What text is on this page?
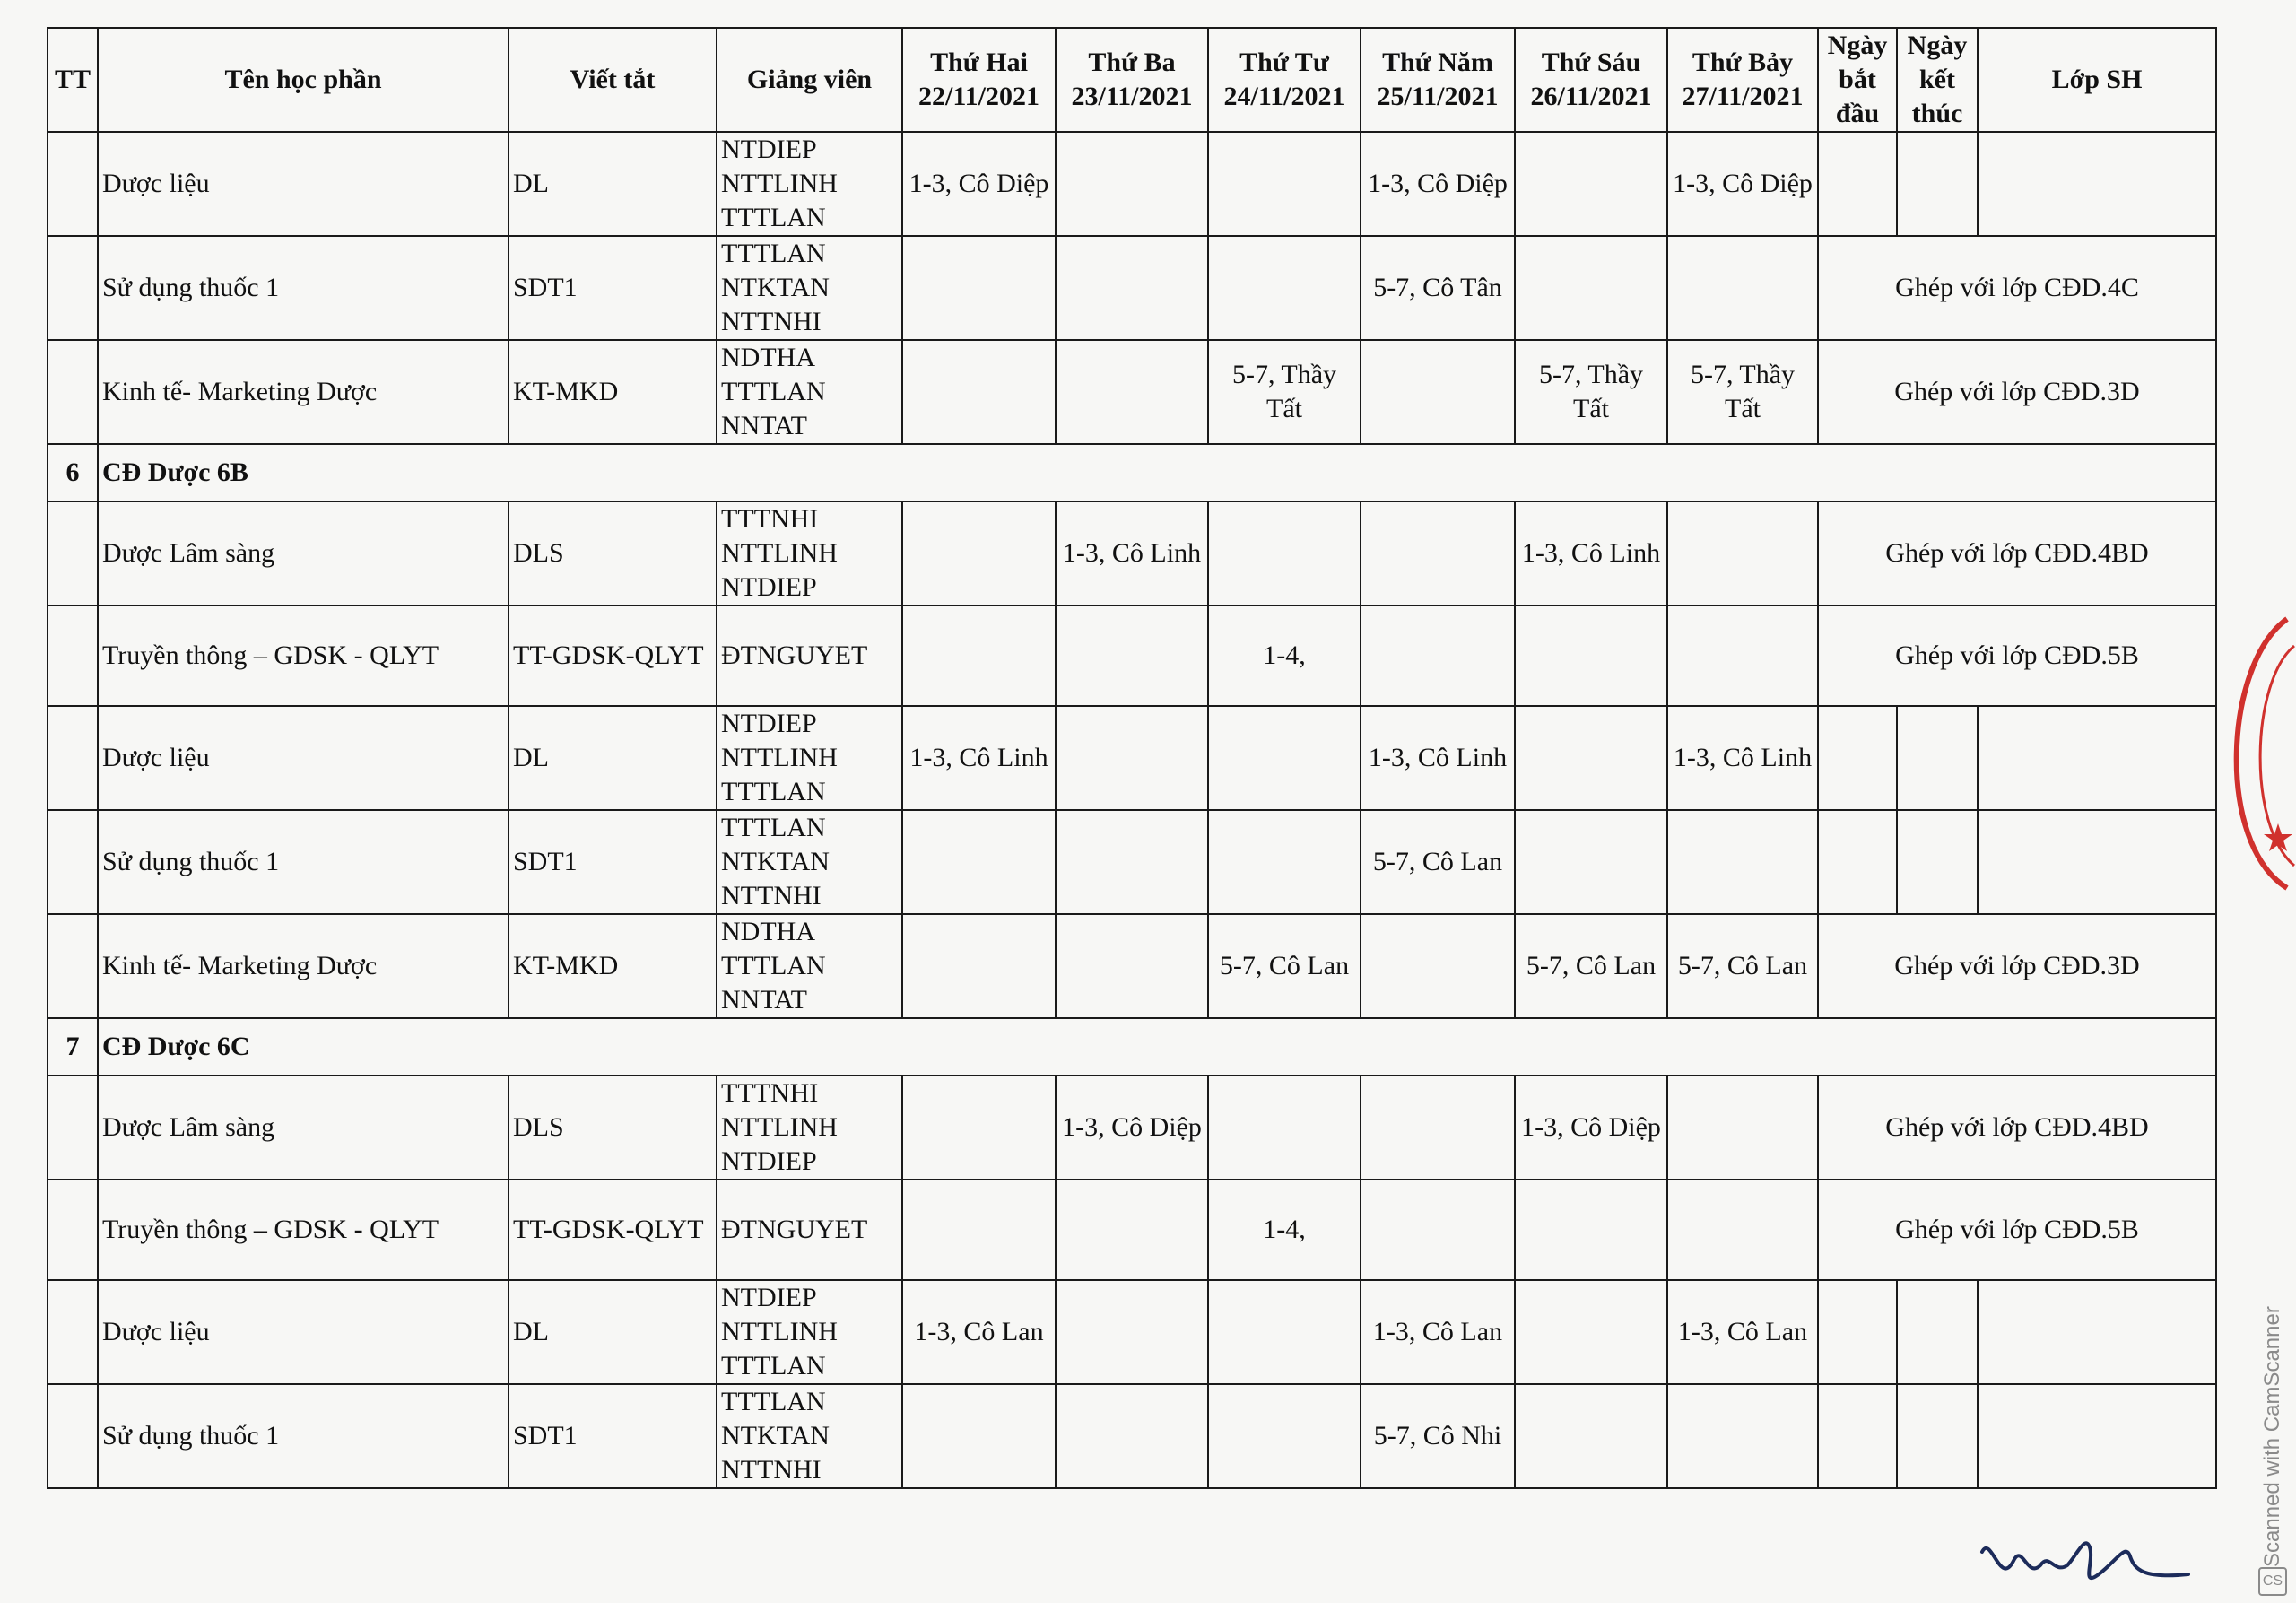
TT	Tên học phần	Viết tắt	Giảng viên	Thứ Hai 22/11/2021	Thứ Ba 23/11/2021	Thứ Tư 24/11/2021	Thứ Năm 25/11/2021	Thứ Sáu 26/11/2021	Thứ Bảy 27/11/2021	Ngày bắt đầu	Ngày kết thúc	Lớp SH
	Dược liệu	DL	NTDIEP NTTLINH TTTLAN	1-3, Cô Diệp			1-3, Cô Diệp		1-3, Cô Diệp			
	Sử dụng thuốc 1	SDT1	TTTLAN NTKTAN NTTNHI				5-7, Cô Tân			Ghép với lớp CĐD.4C		
	Kinh tế- Marketing Dược	KT-MKD	NDTHA TTTLAN NNTAT			5-7, Thầy Tất		5-7, Thầy Tất	5-7, Thầy Tất	Ghép với lớp CĐD.3D		
6	CĐ Dược 6B											
	Dược Lâm sàng	DLS	TTTNHI NTTLINH NTDIEP		1-3, Cô Linh			1-3, Cô Linh		Ghép với lớp CĐD.4BD		
	Truyền thông – GDSK - QLYT	TT-GDSK-QLYT	ĐTNGUYET			1-4,				Ghép với lớp CĐD.5B		
	Dược liệu	DL	NTDIEP NTTLINH TTTLAN	1-3, Cô Linh			1-3, Cô Linh		1-3, Cô Linh			
	Sử dụng thuốc 1	SDT1	TTTLAN NTKTAN NTTNHI				5-7, Cô Lan					
	Kinh tế- Marketing Dược	KT-MKD	NDTHA TTTLAN NNTAT			5-7, Cô Lan		5-7, Cô Lan	5-7, Cô Lan	Ghép với lớp CĐD.3D		
7	CĐ Dược 6C											
	Dược Lâm sàng	DLS	TTTNHI NTTLINH NTDIEP		1-3, Cô Diệp			1-3, Cô Diệp		Ghép với lớp CĐD.4BD		
	Truyền thông – GDSK - QLYT	TT-GDSK-QLYT	ĐTNGUYET			1-4,				Ghép với lớp CĐD.5B		
	Dược liệu	DL	NTDIEP NTTLINH TTTLAN	1-3, Cô Lan			1-3, Cô Lan		1-3, Cô Lan			
	Sử dụng thuốc 1	SDT1	TTTLAN NTKTAN NTTNHI				5-7, Cô Nhi						Scanned with CamScanner
CS
